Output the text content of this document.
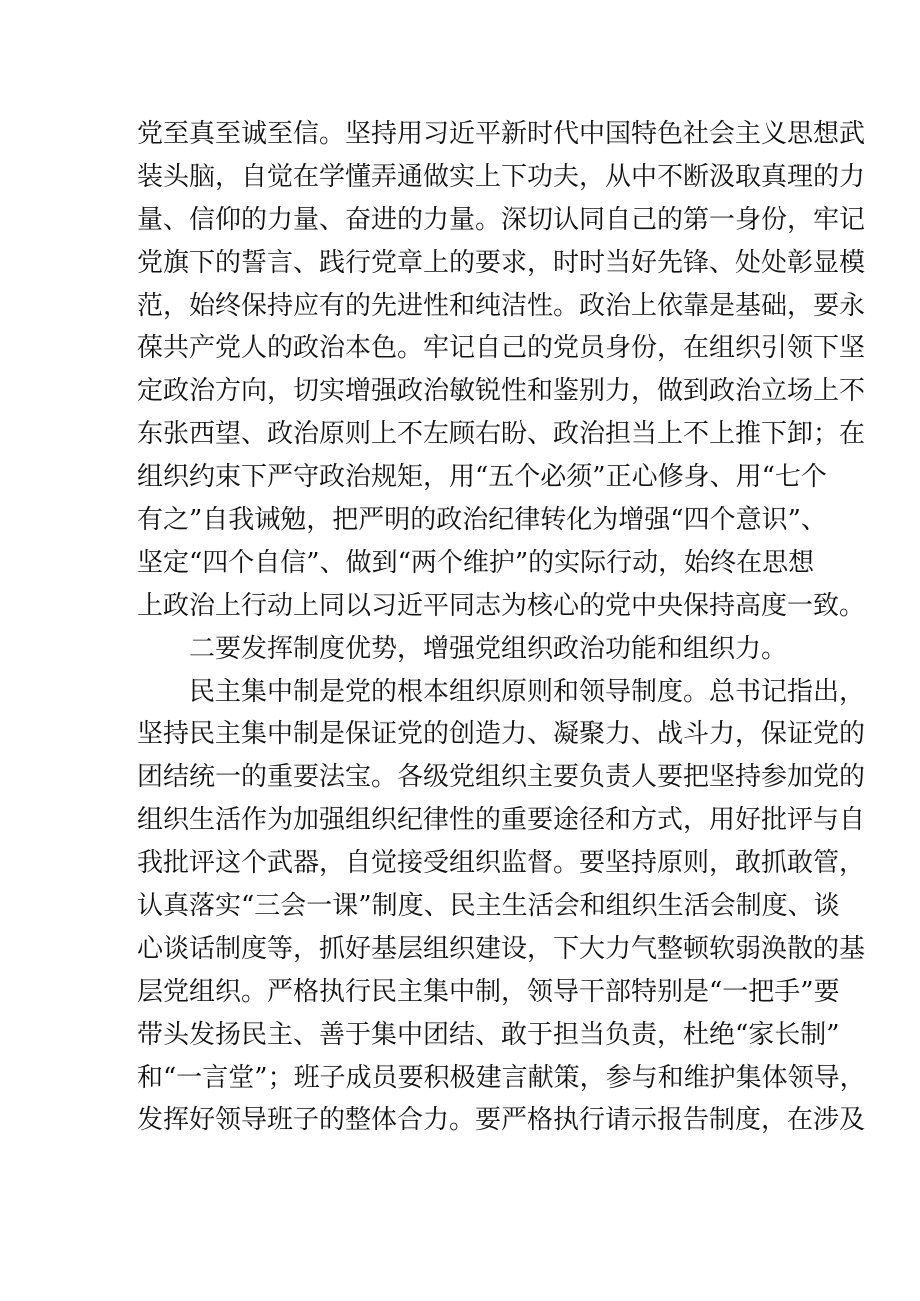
党至真至诚至信。坚持用习近平新时代中国特色社会主义思想武
装头脑，自觉在学懂弄通做实上下功夫，从中不断汲取真理的力
量、信仰的力量、奋进的力量。深切认同自己的第一身份，牢记
党旗下的誓言、践行党章上的要求，时时当好先锋、处处彰显模
范，始终保持应有的先进性和纯洁性。政治上依靠是基础，要永
葆共产党人的政治本色。牢记自己的党员身份，在组织引领下坚
定政治方向，切实增强政治敏锐性和鉴别力，做到政治立场上不
东张西望、政治原则上不左顾右盼、政治担当上不上推下卸；在
组织约束下严守政治规矩，用“五个必须”正心修身、用“七个
有之”自我诫勉，把严明的政治纪律转化为增强“四个意识”、
坚定“四个自信”、做到“两个维护”的实际行动，始终在思想
上政治上行动上同以习近平同志为核心的党中央保持高度一致。
二要发挥制度优势，增强党组织政治功能和组织力。
民主集中制是党的根本组织原则和领导制度。总书记指出，
坚持民主集中制是保证党的创造力、凝聚力、战斗力，保证党的
团结统一的重要法宝。各级党组织主要负责人要把坚持参加党的
组织生活作为加强组织纪律性的重要途径和方式，用好批评与自
我批评这个武器，自觉接受组织监督。要坚持原则，敢抓敢管，
认真落实“三会一课”制度、民主生活会和组织生活会制度、谈
心谈话制度等，抓好基层组织建设，下大力气整顿软弱涣散的基
层党组织。严格执行民主集中制，领导干部特别是“一把手”要
带头发扬民主、善于集中团结、敢于担当负责，杜绝“家长制”
和“一言堂”；班子成员要积极建言献策，参与和维护集体领导，
发挥好领导班子的整体合力。要严格执行请示报告制度，在涉及
